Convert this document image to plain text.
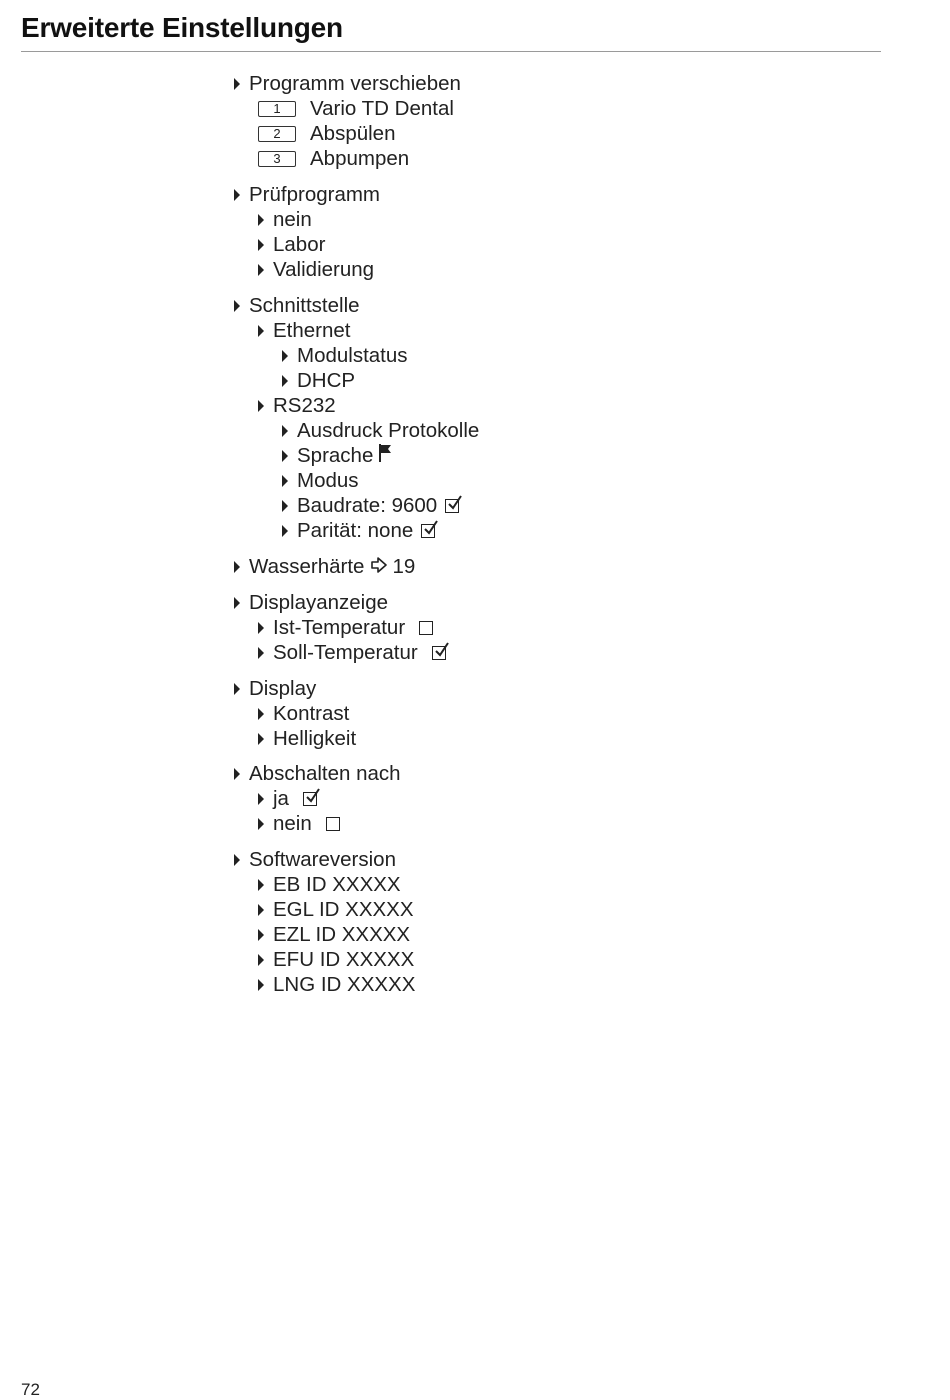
Erweiterte Einstellungen
Programm verschieben
1	Vario TD Dental
2	Abspülen
3	Abpumpen
Prüfprogramm
nein
Labor
Validierung
Schnittstelle
Ethernet
Modulstatus
DHCP
RS232
Ausdruck Protokolle
Sprache
Modus
Baudrate: 9600
Parität: none
Wasserhärte 19
Displayanzeige
Ist-Temperatur
Soll-Temperatur
Display
Kontrast
Helligkeit
Abschalten nach
ja
nein
Softwareversion
EB ID XXXXX
EGL ID XXXXX
EZL ID XXXXX
EFU ID XXXXX
LNG ID XXXXX

72
